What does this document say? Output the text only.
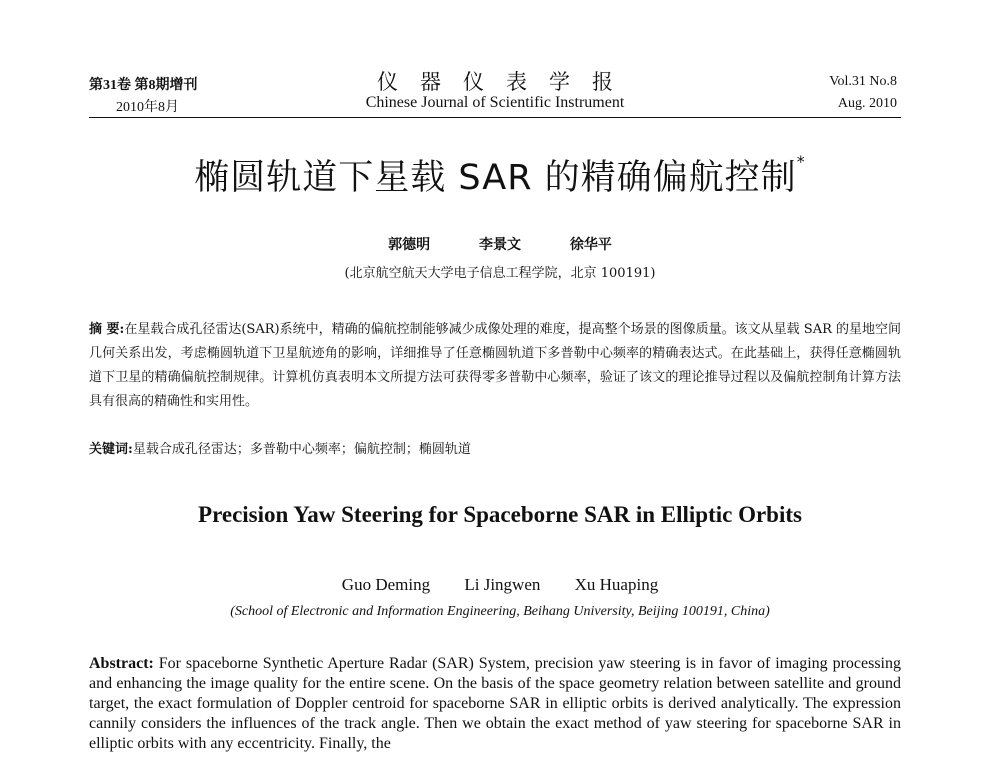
第31卷 第8期增刊
2010年8月
仪器仪表学报
Chinese Journal of Scientific Instrument
Vol.31 No.8
Aug. 2010
椭圆轨道下星载 SAR 的精确偏航控制*
郭德明	李景文	徐华平
(北京航空航天大学电子信息工程学院，北京 100191)
摘 要:在星载合成孔径雷达(SAR)系统中，精确的偏航控制能够减少成像处理的难度，提高整个场景的图像质量。该文从星载 SAR 的星地空间几何关系出发，考虑椭圆轨道下卫星航迹角的影响，详细推导了任意椭圆轨道下多普勒中心频率的精确表达式。在此基础上，获得任意椭圆轨道下卫星的精确偏航控制规律。计算机仿真表明本文所提方法可获得零多普勒中心频率，验证了该文的理论推导过程以及偏航控制角计算方法具有很高的精确性和实用性。
关键词:星载合成孔径雷达；多普勒中心频率；偏航控制；椭圆轨道
Precision Yaw Steering for Spaceborne SAR in Elliptic Orbits
Guo Deming Li Jingwen Xu Huaping
(School of Electronic and Information Engineering, Beihang University, Beijing 100191, China)
Abstract: For spaceborne Synthetic Aperture Radar (SAR) System, precision yaw steering is in favor of imaging processing and enhancing the image quality for the entire scene. On the basis of the space geometry relation between satellite and ground target, the exact formulation of Doppler centroid for spaceborne SAR in elliptic orbits is derived analytically. The expression cannily considers the influences of the track angle. Then we obtain the exact method of yaw steering for spaceborne SAR in elliptic orbits with any eccentricity. Finally, the
